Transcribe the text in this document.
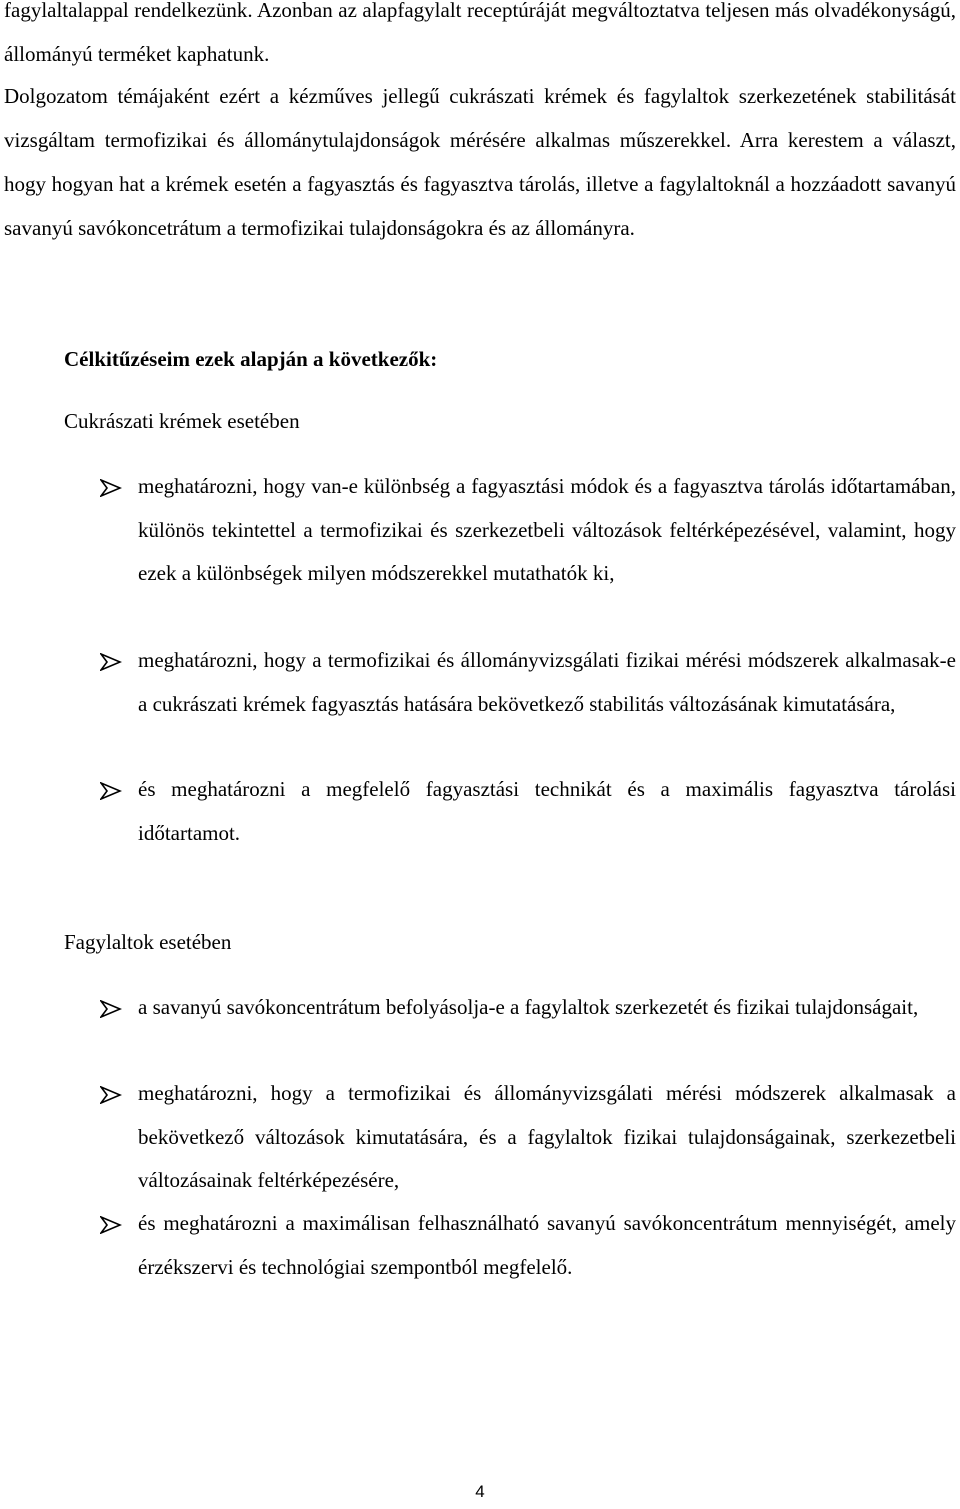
fagylaltalappal rendelkezünk. Azonban az alapfagylalt receptúráját megváltoztatva teljesen más olvadékonyságú, állományú terméket kaphatunk.

Dolgozatom témájaként ezért a kézműves jellegű cukrászati krémek és fagylaltok szerkezetének stabilitását vizsgáltam termofizikai és állománytulajdonságok mérésére alkalmas műszerekkel. Arra kerestem a választ, hogy hogyan hat a krémek esetén a fagyasztás és fagyasztva tárolás, illetve a fagylaltoknál a hozzáadott savanyú savanyú savókoncetrátum a termofizikai tulajdonságokra és az állományra.

Célkitűzéseim ezek alapján a következők:

Cukrászati krémek esetében

meghatározni, hogy van-e különbség a fagyasztási módok és a fagyasztva tárolás időtartamában, különös tekintettel a termofizikai és szerkezetbeli változások feltérképezésével, valamint, hogy ezek a különbségek milyen módszerekkel mutathatók ki,
meghatározni, hogy a termofizikai és állományvizsgálati fizikai mérési módszerek alkalmasak-e a cukrászati krémek fagyasztás hatására bekövetkező stabilitás változásának kimutatására,
és meghatározni a megfelelő fagyasztási technikát és a maximális fagyasztva tárolási időtartamot.

Fagylaltok esetében

a savanyú savókoncentrátum befolyásolja-e a fagylaltok szerkezetét és fizikai tulajdonságait,
meghatározni, hogy a termofizikai és állományvizsgálati mérési módszerek alkalmasak a bekövetkező változások kimutatására, és a fagylaltok fizikai tulajdonságainak, szerkezetbeli változásainak feltérképezésére,
és meghatározni a maximálisan felhasználható savanyú savókoncentrátum mennyiségét, amely érzékszervi és technológiai szempontból megfelelő.
4
